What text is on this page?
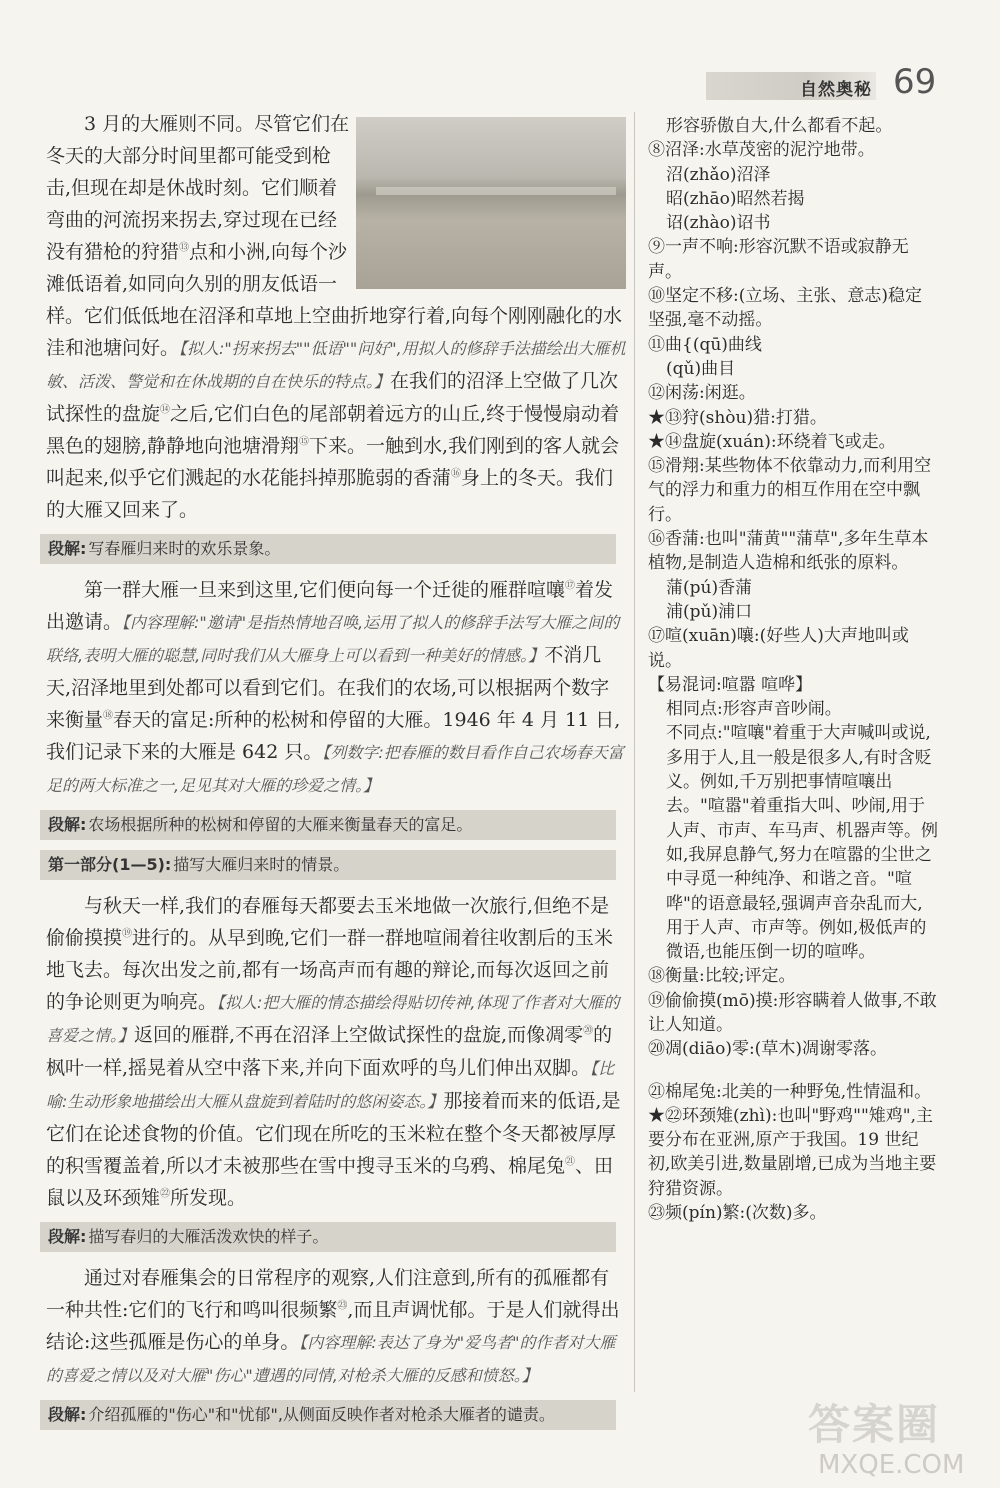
自然奥秘 69

3 月的大雁则不同。尽管它们在冬天的大部分时间里都可能受到枪击,但现在却是休战时刻。它们顺着弯曲的河流拐来拐去,穿过现在已经没有猎枪的狩猎⑬点和小洲,向每个沙滩低语着,如同向久别的朋友低语一样。它们低低地在沼泽和草地上空曲折地穿行着,向每个刚刚融化的水洼和池塘问好。【拟人:"拐来拐去""低语""问好",用拟人的修辞手法描绘出大雁机敏、活泼、警觉和在休战期的自在快乐的特点。】在我们的沼泽上空做了几次试探性的盘旋⑭之后,它们白色的尾部朝着远方的山丘,终于慢慢扇动着黑色的翅膀,静静地向池塘滑翔⑮下来。一触到水,我们刚到的客人就会叫起来,似乎它们溅起的水花能抖掉那脆弱的香蒲⑯身上的冬天。我们的大雁又回来了。

段解: 写春雁归来时的欢乐景象。

第一群大雁一旦来到这里,它们便向每一个迁徙的雁群喧嚷⑰着发出邀请。【内容理解:"邀请"是指热情地召唤,运用了拟人的修辞手法写大雁之间的联络,表明大雁的聪慧,同时我们从大雁身上可以看到一种美好的情感。】不消几天,沼泽地里到处都可以看到它们。在我们的农场,可以根据两个数字来衡量⑱春天的富足:所种的松树和停留的大雁。1946 年 4 月 11 日,我们记录下来的大雁是 642 只。【列数字:把春雁的数目看作自己农场春天富足的两大标准之一,足见其对大雁的珍爱之情。】

段解: 农场根据所种的松树和停留的大雁来衡量春天的富足。
第一部分(1—5): 描写大雁归来时的情景。

与秋天一样,我们的春雁每天都要去玉米地做一次旅行,但绝不是偷偷摸摸⑲进行的。从早到晚,它们一群一群地喧闹着往收割后的玉米地飞去。每次出发之前,都有一场高声而有趣的辩论,而每次返回之前的争论则更为响亮。【拟人:把大雁的情态描绘得贴切传神,体现了作者对大雁的喜爱之情。】返回的雁群,不再在沼泽上空做试探性的盘旋,而像凋零⑳的枫叶一样,摇晃着从空中落下来,并向下面欢呼的鸟儿们伸出双脚。【比喻:生动形象地描绘出大雁从盘旋到着陆时的悠闲姿态。】那接着而来的低语,是它们在论述食物的价值。它们现在所吃的玉米粒在整个冬天都被厚厚的积雪覆盖着,所以才未被那些在雪中搜寻玉米的乌鸦、棉尾兔$^㉑$、田鼠以及环颈雉$^㉒$所发现。

段解: 描写春归的大雁活泼欢快的样子。

通过对春雁集会的日常程序的观察,人们注意到,所有的孤雁都有一种共性:它们的飞行和鸣叫很频繁$^㉓$,而且声调忧郁。于是人们就得出结论:这些孤雁是伤心的单身。【内容理解:表达了身为"爱鸟者"的作者对大雁的喜爱之情以及对大雁"伤心"遭遇的同情,对枪杀大雁的反感和愤怒。】

段解: 介绍孤雁的"伤心"和"忧郁",从侧面反映作者对枪杀大雁者的谴责。
形容骄傲自大,什么都看不起。
⑧沼泽:水草茂密的泥泞地带。
沼(zhǎo)沼泽
昭(zhāo)昭然若揭
诏(zhào)诏书
⑨一声不响:形容沉默不语或寂静无声。
⑩坚定不移:(立场、主张、意志)稳定坚强,毫不动摇。
⑪曲{(qū)曲线
(qǔ)曲目
⑫闲荡:闲逛。
★⑬狩(shòu)猎:打猎。
★⑭盘旋(xuán):环绕着飞或走。
⑮滑翔:某些物体不依靠动力,而利用空气的浮力和重力的相互作用在空中飘行。
⑯香蒲:也叫"蒲黄""蒲草",多年生草本植物,是制造人造棉和纸张的原料。
蒲(pú)香蒲
浦(pǔ)浦口
⑰喧(xuān)嚷:(好些人)大声地叫或说。
【易混词:喧嚣 喧哗】
相同点:形容声音吵闹。
不同点:"喧嚷"着重于大声喊叫或说,多用于人,且一般是很多人,有时含贬义。例如,千万别把事情喧嚷出去。"喧嚣"着重指大叫、吵闹,用于人声、市声、车马声、机器声等。例如,我屏息静气,努力在喧嚣的尘世之中寻觅一种纯净、和谐之音。"喧哗"的语意最轻,强调声音杂乱而大,用于人声、市声等。例如,极低声的微语,也能压倒一切的喧哗。
⑱衡量:比较;评定。
⑲偷偷摸(mō)摸:形容瞒着人做事,不敢让人知道。
⑳凋(diāo)零:(草木)凋谢零落。
㉑棉尾兔:北美的一种野兔,性情温和。
★㉒环颈雉(zhì):也叫"野鸡""雉鸡",主要分布在亚洲,原产于我国。19 世纪初,欧美引进,数量剧增,已成为当地主要狩猎资源。
㉓频(pín)繁:(次数)多。
答案圈
MXQE.COM
